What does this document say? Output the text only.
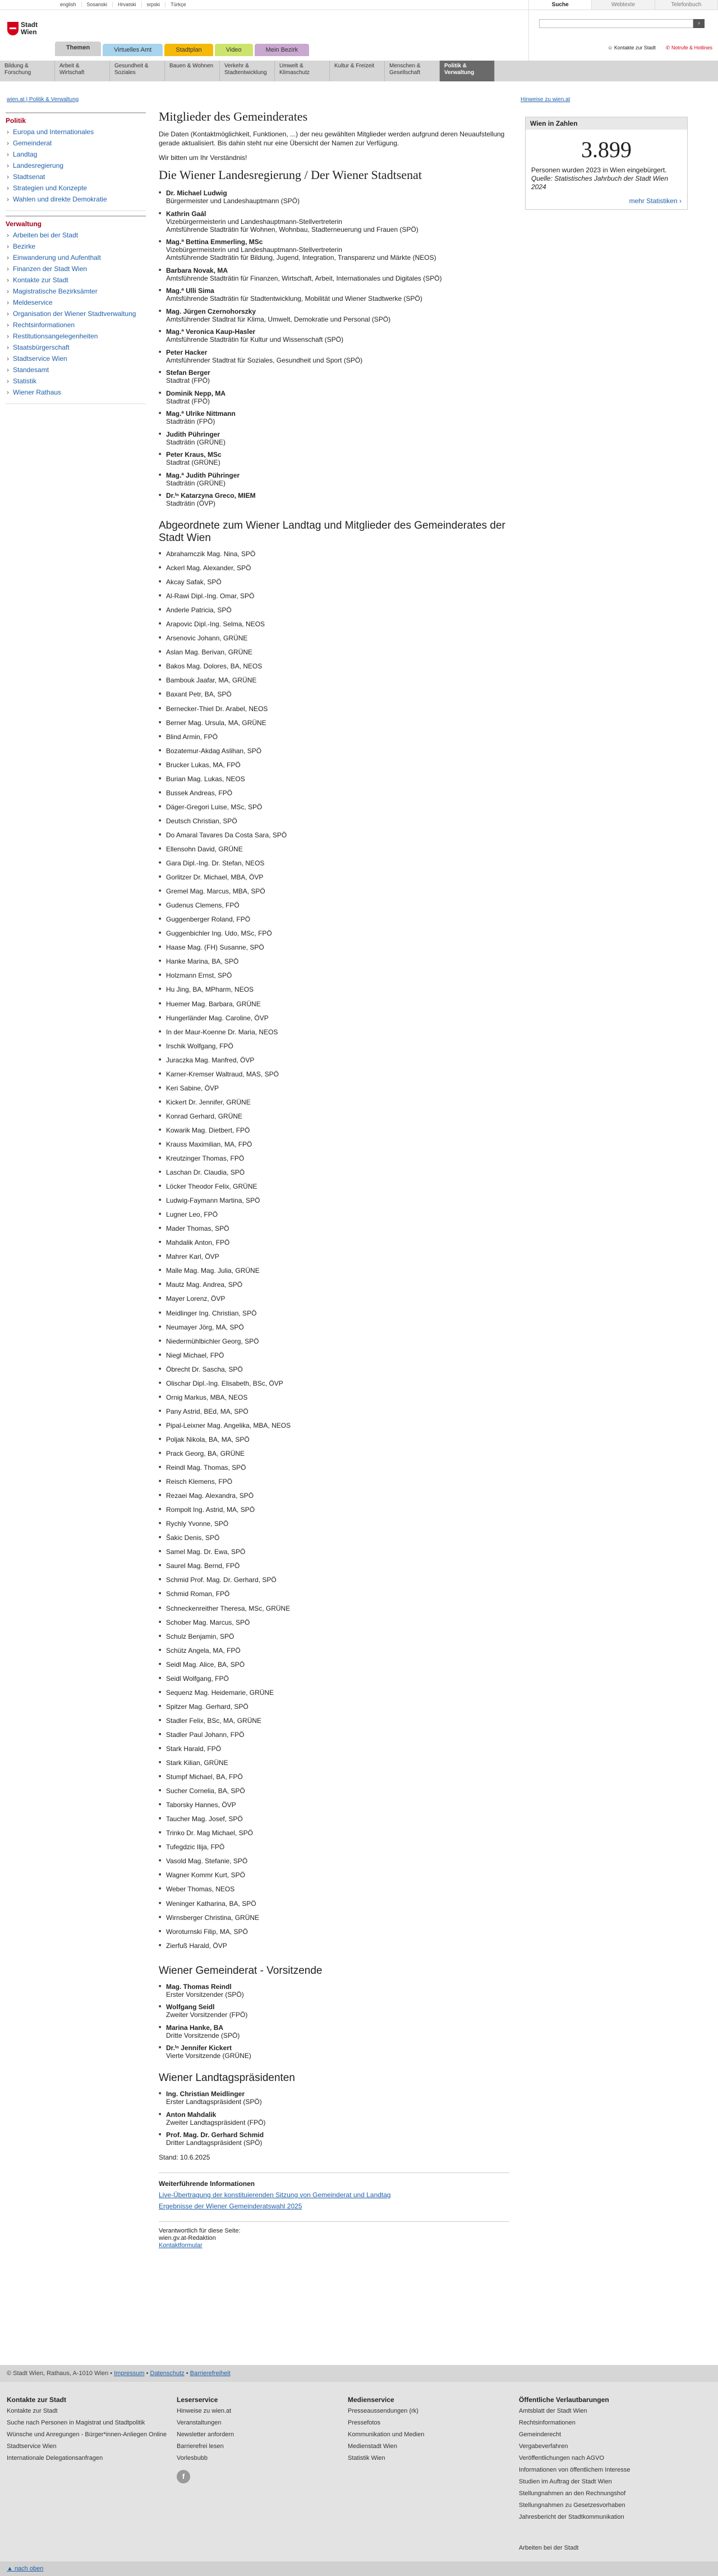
english	Sosanski	Hrvatski	srpski	Türkçe
Stadt
Wien
Themen	Virtuelles Amt	Stadtplan	Video	Mein Bezirk
Suche	Webtexte	Telefonbuch
›
☺ Kontakte zur Stadt ✆ Notrufe & Hotlines
Bildung & Forschung
Arbeit & Wirtschaft
Gesundheit & Soziales
Bauen & Wohnen	Verkehr & Stadtentwicklung
Umwelt & Klimaschutz
Kultur & Freizeit	Menschen & Gesellschaft
Politik & Verwaltung
wien.at | Politik & Verwaltung	Hinweise zu wien.at
Politik
› Europa und Internationales
› Gemeinderat
› Landtag
› Landesregierung
› Stadtsenat
› Strategien und Konzepte
› Wahlen und direkte Demokratie
Verwaltung
› Arbeiten bei der Stadt
› Bezirke
› Einwanderung und Aufenthalt
› Finanzen der Stadt Wien
› Kontakte zur Stadt
› Magistratische Bezirksämter
› Meldeservice
› Organisation der Wiener Stadtverwaltung
› Rechtsinformationen
› Restitutionsangelegenheiten
› Staatsbürgerschaft
› Stadtservice Wien
› Standesamt
› Statistik
› Wiener Rathaus
Mitglieder des Gemeinderates

Die Daten (Kontaktmöglichkeit, Funktionen, ...) der neu gewählten Mitglieder werden aufgrund deren Neuaufstellung gerade aktualisiert. Bis dahin steht nur eine Übersicht der Namen zur Verfügung.

Wir bitten um Ihr Verständnis!

Die Wiener Landesregierung / Der Wiener Stadtsenat
■ Dr. Michael Ludwig
Bürgermeister und Landeshauptmann (SPÖ)
■ Kathrin Gaál
Vizebürgermeisterin und Landeshauptmann-Stellvertreterin
Amtsführende Stadträtin für Wohnen, Wohnbau, Stadterneuerung und Frauen (SPÖ)
■ Mag.ª Bettina Emmerling, MSc
Vizebürgermeisterin und Landeshauptmann-Stellvertreterin
Amtsführende Stadträtin für Bildung, Jugend, Integration, Transparenz und Märkte (NEOS)
■ Barbara Novak, MA
Amtsführende Stadträtin für Finanzen, Wirtschaft, Arbeit, Internationales und Digitales (SPÖ)
■ Mag.ª Ulli Sima
Amtsführende Stadträtin für Stadtentwicklung, Mobilität und Wiener Stadtwerke (SPÖ)
■ Mag. Jürgen Czernohorszky
Amtsführender Stadtrat für Klima, Umwelt, Demokratie und Personal (SPÖ)
■ Mag.ª Veronica Kaup-Hasler
Amtsführende Stadträtin für Kultur und Wissenschaft (SPÖ)
■ Peter Hacker
Amtsführender Stadtrat für Soziales, Gesundheit und Sport (SPÖ)
■ Stefan Berger
Stadtrat (FPÖ)
■ Dominik Nepp, MA
Stadtrat (FPÖ)
■ Mag.ª Ulrike Nittmann
Stadträtin (FPÖ)
■ Judith Pühringer
Stadträtin (GRÜNE)
■ Peter Kraus, MSc
Stadtrat (GRÜNE)
■ Mag.ª Judith Pühringer
Stadträtin (GRÜNE)
■ Dr.ⁱⁿ Katarzyna Greco, MIEM
Stadträtin (ÖVP)
Abgeordnete zum Wiener Landtag und Mitglieder des Gemeinderates der Stadt Wien
■ Abrahamczik Mag. Nina, SPÖ
■ Ackerl Mag. Alexander, SPÖ
■ Akcay Safak, SPÖ
■ Al-Rawi Dipl.-Ing. Omar, SPÖ
■ Anderle Patricia, SPÖ
■ Arapovic Dipl.-Ing. Selma, NEOS
■ Arsenovic Johann, GRÜNE
■ Aslan Mag. Berivan, GRÜNE
■ Bakos Mag. Dolores, BA, NEOS
■ Bambouk Jaafar, MA, GRÜNE
■ Baxant Petr, BA, SPÖ
■ Bernecker-Thiel Dr. Arabel, NEOS
■ Berner Mag. Ursula, MA, GRÜNE
■ Blind Armin, FPÖ
■ Bozatemur-Akdag Aslihan, SPÖ
■ Brucker Lukas, MA, FPÖ
■ Burian Mag. Lukas, NEOS
■ Bussek Andreas, FPÖ
■ Däger-Gregori Luise, MSc, SPÖ
■ Deutsch Christian, SPÖ
■ Do Amaral Tavares Da Costa Sara, SPÖ
■ Ellensohn David, GRÜNE
■ Gara Dipl.-Ing. Dr. Stefan, NEOS
■ Gorlitzer Dr. Michael, MBA, ÖVP
■ Gremel Mag. Marcus, MBA, SPÖ
■ Gudenus Clemens, FPÖ
■ Guggenberger Roland, FPÖ
■ Guggenbichler Ing. Udo, MSc, FPÖ
■ Haase Mag. (FH) Susanne, SPÖ
■ Hanke Marina, BA, SPÖ
■ Holzmann Ernst, SPÖ
■ Hu Jing, BA, MPharm, NEOS
■ Huemer Mag. Barbara, GRÜNE
■ Hungerländer Mag. Caroline, ÖVP
■ In der Maur-Koenne Dr. Maria, NEOS
■ Irschik Wolfgang, FPÖ
■ Juraczka Mag. Manfred, ÖVP
■ Karner-Kremser Waltraud, MAS, SPÖ
■ Keri Sabine, ÖVP
■ Kickert Dr. Jennifer, GRÜNE
■ Konrad Gerhard, GRÜNE
■ Kowarik Mag. Dietbert, FPÖ
■ Krauss Maximilian, MA, FPÖ
■ Kreutzinger Thomas, FPÖ
■ Laschan Dr. Claudia, SPÖ
■ Löcker Theodor Felix, GRÜNE
■ Ludwig-Faymann Martina, SPÖ
■ Lugner Leo, FPÖ
■ Mader Thomas, SPÖ
■ Mahdalik Anton, FPÖ
■ Mahrer Karl, ÖVP
■ Malle Mag. Mag. Julia, GRÜNE
■ Mautz Mag. Andrea, SPÖ
■ Mayer Lorenz, ÖVP
■ Meidlinger Ing. Christian, SPÖ
■ Neumayer Jörg, MA, SPÖ
■ Niedermühlbichler Georg, SPÖ
■ Niegl Michael, FPÖ
■ Öbrecht Dr. Sascha, SPÖ
■ Olischar Dipl.-Ing. Elisabeth, BSc, ÖVP
■ Ornig Markus, MBA, NEOS
■ Pany Astrid, BEd, MA, SPÖ
■ Pipal-Leixner Mag. Angelika, MBA, NEOS
■ Poljak Nikola, BA, MA, SPÖ
■ Prack Georg, BA, GRÜNE
■ Reindl Mag. Thomas, SPÖ
■ Reisch Klemens, FPÖ
■ Rezaei Mag. Alexandra, SPÖ
■ Rompolt Ing. Astrid, MA, SPÖ
■ Rychly Yvonne, SPÖ
■ Šakic Denis, SPÖ
■ Samel Mag. Dr. Ewa, SPÖ
■ Saurel Mag. Bernd, FPÖ
■ Schmid Prof. Mag. Dr. Gerhard, SPÖ
■ Schmid Roman, FPÖ
■ Schneckenreither Theresa, MSc, GRÜNE
■ Schober Mag. Marcus, SPÖ
■ Schulz Benjamin, SPÖ
■ Schütz Angela, MA, FPÖ
■ Seidl Mag. Alice, BA, SPÖ
■ Seidl Wolfgang, FPÖ
■ Sequenz Mag. Heidemarie, GRÜNE
■ Spitzer Mag. Gerhard, SPÖ
■ Stadler Felix, BSc, MA, GRÜNE
■ Stadler Paul Johann, FPÖ
■ Stark Harald, FPÖ
■ Stark Kilian, GRÜNE
■ Stumpf Michael, BA, FPÖ
■ Sucher Cornelia, BA, SPÖ
■ Taborsky Hannes, ÖVP
■ Taucher Mag. Josef, SPÖ
■ Trinko Dr. Mag Michael, SPÖ
■ Tufegdzic Ilija, FPÖ
■ Vasold Mag. Stefanie, SPÖ
■ Wagner Kommr Kurt, SPÖ
■ Weber Thomas, NEOS
■ Weninger Katharina, BA, SPÖ
■ Wirnsberger Christina, GRÜNE
■ Woroturnski Filip, MA, SPÖ
■ Zierfuß Harald, ÖVP
Wiener Gemeinderat - Vorsitzende
■ Mag. Thomas Reindl
Erster Vorsitzender (SPÖ)
■ Wolfgang Seidl
Zweiter Vorsitzender (FPÖ)
■ Marina Hanke, BA
Dritte Vorsitzende (SPÖ)
■ Dr.ⁱⁿ Jennifer Kickert
Vierte Vorsitzende (GRÜNE)
Wiener Landtagspräsidenten
■ Ing. Christian Meidlinger
Erster Landtagspräsident (SPÖ)
■ Anton Mahdalik
Zweiter Landtagspräsident (FPÖ)
■ Prof. Mag. Dr. Gerhard Schmid
Dritter Landtagspräsident (SPÖ)
Stand: 10.6.2025
Weiterführende Informationen
Live-Übertragung der konstituierenden Sitzung von Gemeinderat und Landtag
Ergebnisse der Wiener Gemeinderatswahl 2025
Verantwortlich für diese Seite:
wien.gv.at-Redaktion
Kontaktformular
Wien in Zahlen
3.899
Personen wurden 2023 in Wien eingebürgert.
Quelle: Statistisches Jahrbuch der Stadt Wien 2024
mehr Statistiken ›
© Stadt Wien, Rathaus, A-1010 Wien • Impressum • Datenschutz • Barrierefreiheit
Kontakte zur Stadt
Kontakte zur Stadt
Suche nach Personen in Magistrat und Stadtpolitik
Wünsche und Anregungen - Bürger*innen-Anliegen Online
Stadtservice Wien
Internationale Delegationsanfragen
Leserservice
Hinweise zu wien.at
Veranstaltungen
Newsletter anfordern
Barrierefrei lesen
Vorlesbubb
f
Medienservice
Presseaussendungen (rk)
Pressefotos
Kommunikation und Medien
Medienstadt Wien
Statistik Wien
Öffentliche Verlautbarungen
Amtsblatt der Stadt Wien
Rechtsinformationen
Gemeinderecht
Vergabeverfahren
Veröffentlichungen nach AGVO
Informationen von öffentlichem Interesse
Studien im Auftrag der Stadt Wien
Stellungnahmen an den Rechnungshof
Stellungnahmen zu Gesetzesvorhaben
Jahresbericht der Stadtkommunikation
Arbeiten bei der Stadt
▲ nach oben
